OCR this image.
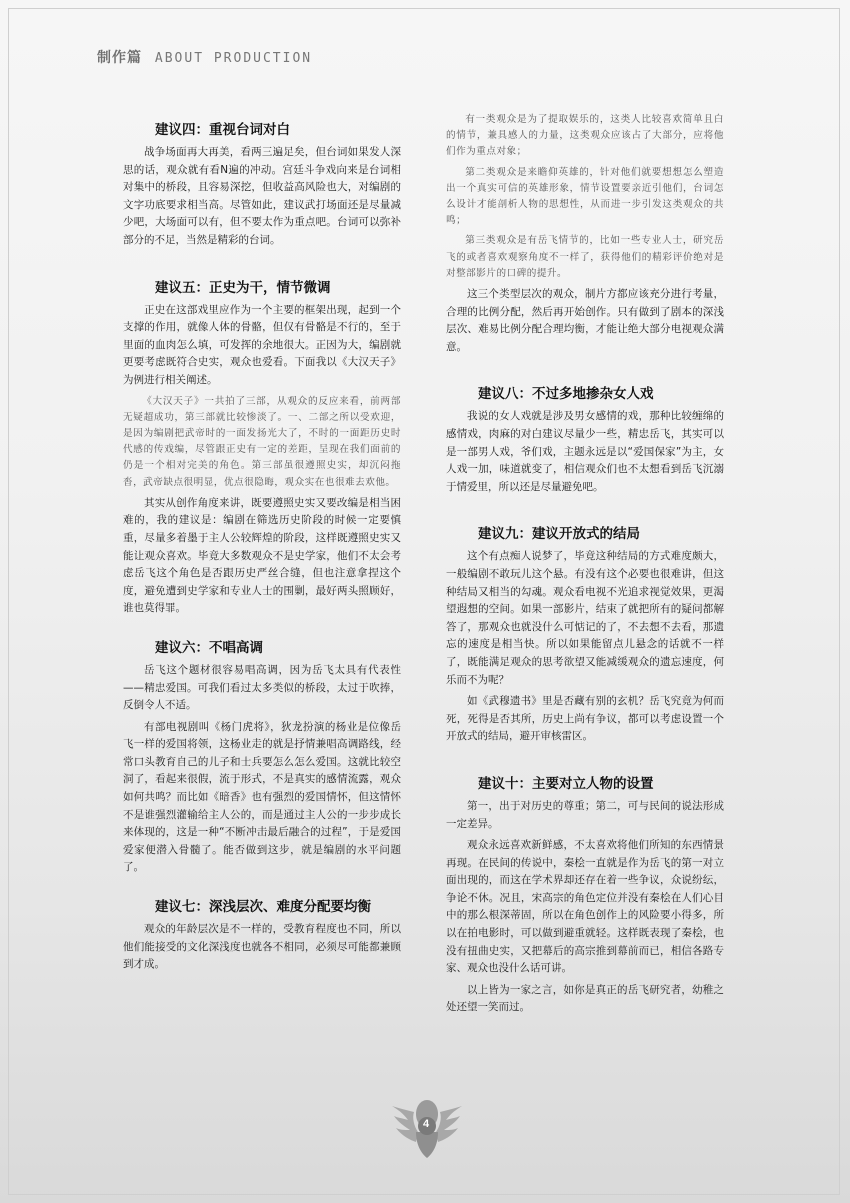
制作篇 ABOUT PRODUCTION
建议四：重视台词对白

战争场面再大再美，看两三遍足矣，但台词如果发人深思的话，观众就有看N遍的冲动。宫廷斗争戏向来是台词相对集中的桥段，且容易深挖，但收益高风险也大，对编剧的文字功底要求相当高。尽管如此，建议武打场面还是尽量减少吧，大场面可以有，但不要太作为重点吧。台词可以弥补部分的不足，当然是精彩的台词。

建议五：正史为干，情节微调

正史在这部戏里应作为一个主要的框架出现，起到一个支撑的作用，就像人体的骨骼，但仅有骨骼是不行的，至于里面的血肉怎么填，可发挥的余地很大。正因为大，编剧就更要考虑既符合史实，观众也爱看。下面我以《大汉天子》为例进行相关阐述。

《大汉天子》一共拍了三部，从观众的反应来看，前两部无疑超成功，第三部就比较惨淡了。一、二部之所以受欢迎，是因为编剧把武帝时的一面发扬光大了，不时的一面距历史时代感的传戏编，尽管跟正史有一定的差距，呈现在我们面前的仍是一个相对完美的角色。第三部虽很遵照史实，却沉闷拖沓，武帝缺点很明显，优点很隐晦，观众实在也很难去欢他。

其实从创作角度来讲，既要遵照史实又要改编是相当困难的，我的建议是：编剧在筛选历史阶段的时候一定要慎重，尽量多着墨于主人公较辉煌的阶段，这样既遵照史实又能让观众喜欢。毕竟大多数观众不是史学家，他们不太会考虑岳飞这个角色是否跟历史严丝合缝，但也注意拿捏这个度，避免遭到史学家和专业人士的围剿，最好两头照顾好，谁也莫得罪。

建议六：不唱高调

岳飞这个题材很容易唱高调，因为岳飞太具有代表性——精忠爱国。可我们看过太多类似的桥段，太过于吹捧，反倒令人不适。

有部电视剧叫《杨门虎将》，狄龙扮演的杨业是位像岳飞一样的爱国将领，这杨业走的就是抒情兼唱高调路线，经常口头教育自己的儿子和士兵要怎么怎么爱国。这就比较空洞了，看起来很假，流于形式，不是真实的感情流露，观众如何共鸣？而比如《暗香》也有强烈的爱国情怀，但这情怀不是谁强烈灌输给主人公的，而是通过主人公的一步步成长来体现的，这是一种“不断冲击最后融合的过程”，于是爱国爱家便潜入骨髓了。能否做到这步，就是编剧的水平问题了。

建议七：深浅层次、难度分配要均衡

观众的年龄层次是不一样的，受教育程度也不同，所以他们能接受的文化深浅度也就各不相同，必须尽可能都兼顾到才成。

有一类观众是为了提取娱乐的，这类人比较喜欢简单且白的情节，兼具感人的力量，这类观众应该占了大部分，应将他们作为重点对象；

第二类观众是来瞻仰英雄的，针对他们就要想想怎么塑造出一个真实可信的英雄形象，情节设置要亲近引他们，台词怎么设计才能剖析人物的思想性，从而进一步引发这类观众的共鸣；

第三类观众是有岳飞情节的，比如一些专业人士，研究岳飞的或者喜欢观察角度不一样了，获得他们的精彩评价绝对是对整部影片的口碑的提升。

这三个类型层次的观众，制片方都应该充分进行考量，合理的比例分配，然后再开始创作。只有做到了剧本的深浅层次、难易比例分配合理均衡，才能让绝大部分电视观众满意。

建议八：不过多地掺杂女人戏

我说的女人戏就是涉及男女感情的戏，那种比较缠绵的感情戏，肉麻的对白建议尽量少一些，精忠岳飞，其实可以是一部男人戏，爷们戏，主题永远是以“爱国保家”为主，女人戏一加，味道就变了，相信观众们也不太想看到岳飞沉溺于情爱里，所以还是尽量避免吧。

建议九：建议开放式的结局

这个有点痴人说梦了，毕竟这种结局的方式难度颇大，一般编剧不敢玩儿这个悬。有没有这个必要也很难讲，但这种结局又相当的勾魂。观众看电视不光追求视觉效果，更渴望遐想的空间。如果一部影片，结束了就把所有的疑问都解答了，那观众也就没什么可惦记的了，不去想不去看，那遗忘的速度是相当快。所以如果能留点儿悬念的话就不一样了，既能满足观众的思考欲望又能减缓观众的遗忘速度，何乐而不为呢？

如《武穆遗书》里是否藏有别的玄机？岳飞究竟为何而死，死得是否其所，历史上尚有争议，都可以考虑设置一个开放式的结局，避开审核雷区。

建议十：主要对立人物的设置

第一，出于对历史的尊重；第二，可与民间的说法形成一定差异。

观众永远喜欢新鲜感，不太喜欢将他们所知的东西情景再现。在民间的传说中，秦桧一直就是作为岳飞的第一对立面出现的，而这在学术界却还存在着一些争议，众说纷纭，争论不休。况且，宋高宗的角色定位并没有秦桧在人们心目中的那么根深蒂固，所以在角色创作上的风险要小得多，所以在拍电影时，可以做到避重就轻。这样既表现了秦桧，也没有扭曲史实，又把幕后的高宗推到幕前而已，相信各路专家、观众也没什么话可讲。

以上皆为一家之言，如你是真正的岳飞研究者，幼稚之处还望一笑而过。

4
